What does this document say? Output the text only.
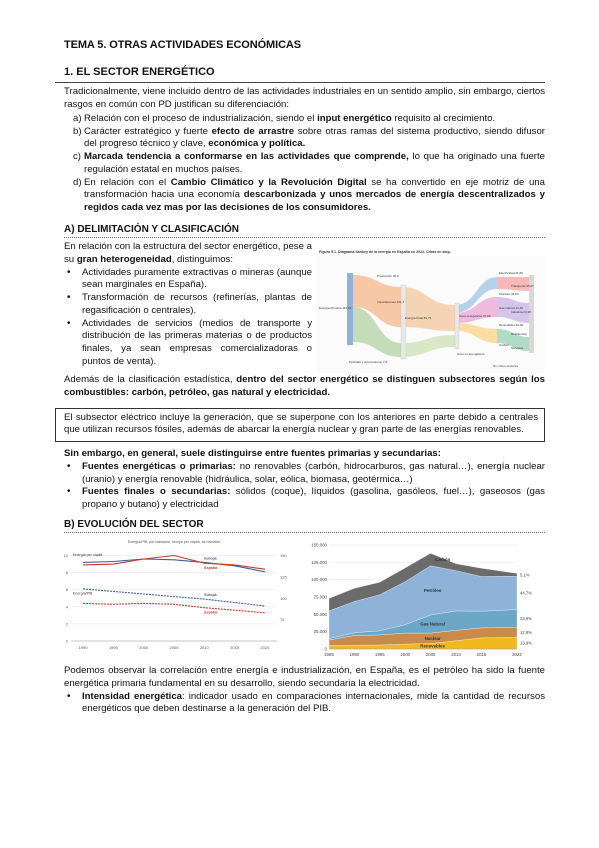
TEMA 5. OTRAS ACTIVIDADES ECONÓMICAS
1. EL SECTOR ENERGÉTICO

Tradicionalmente, viene incluido dentro de las actividades industriales en un sentido amplio, sin embargo, ciertos rasgos en común con PD justifican su diferenciación:

a) Relación con el proceso de industrialización, siendo el input energético requisito al crecimiento.
b) Carácter estratégico y fuerte efecto de arrastre sobre otras ramas del sistema productivo, siendo difusor del progreso técnico y clave, económica y política.
c) Marcada tendencia a conformarse en las actividades que comprende, lo que ha originado una fuerte regulación estatal en muchos países.
d) En relación con el Cambio Climático y la Revolución Digital se ha convertido en eje motriz de una transformación hacia una economía descarbonizada y unos mercados de energía descentralizados y regidos cada vez mas por las decisiones de los consumidores.
A) DELIMITACIÓN Y CLASIFICACIÓN

En relación con la estructura del sector energético, pese a su gran heterogeneidad, distinguimos:

• Actividades puramente extractivas o mineras (aunque sean marginales en España).
• Transformación de recursos (refinerías, plantas de regasificación o centrales).
• Actividades de servicios (medios de transporte y distribución de las primeras materias o de productos finales, ya sean empresas comercializadoras o puntos de venta).
Figura 5.1. Diagrama Sankey de la energía en España en 2022. Cifras en ktep.
Producción 35,8
Importaciones 121,7
Energía Primaria 115,63
Pérdidas y autoconsumo 7,8
Energía Final 80,79	Usos energéticos 67,86
Usos no energéticos
Electricidad 21,89
Petróleo 43,93
Gas natural 13,46
Carbón
Renovables 10,00
Transporte 35,67
Industria 24,38
Residencial
Servicios
No. Otros sectores

Además de la clasificación estadística, dentro del sector energético se distinguen subsectores según los combustibles: carbón, petróleo, gas natural y electricidad.

El subsector eléctrico incluye la generación, que se superpone con los anteriores en parte debido a centrales que utilizan recursos fósiles, además de abarcar la energía nuclear y gran parte de las energías renovables.

Sin embargo, en general, suele distinguirse entre fuentes primarias y secundarias:

• Fuentes energéticas o primarias: no renovables (carbón, hidrocarburos, gas natural…), energía nuclear (uranio) y energía renovable (hidráulica, solar, eólica, biomasa, geotérmica…)
• Fuentes finales o secundarias: sólidos (coque), líquidos (gasolina, gasóleos, fuel…), gaseosos (gas propano y butano) y electricidad
B) EVOLUCIÓN DEL SECTOR
Energía/PIB, por habitante, tiempo per cápita, así también
0
2
4
6
8
10
75
100
125
150
1990	1995	2000	2005	2010	2015	2020
Europa
España
Europa
España
Energía per cápita
Energía/PIB
0
25.000
50.000
75.000
100.000
125.000
150.000
1985	1990	1995	2000	2005	2010	2015	2022
Renovables
13,9%
Nuclear
12,8%
Gas Natural
23,6%
Petróleo	44,7%
Carbón
5,1%

Podemos observar la correlación entre energía e industrialización, en España, es el petróleo ha sido la fuente energética primaria fundamental en su desarrollo, siendo secundaria la electricidad.

• Intensidad energética: indicador usado en comparaciones internacionales, mide la cantidad de recursos energéticos que deben destinarse a la generación del PIB.
